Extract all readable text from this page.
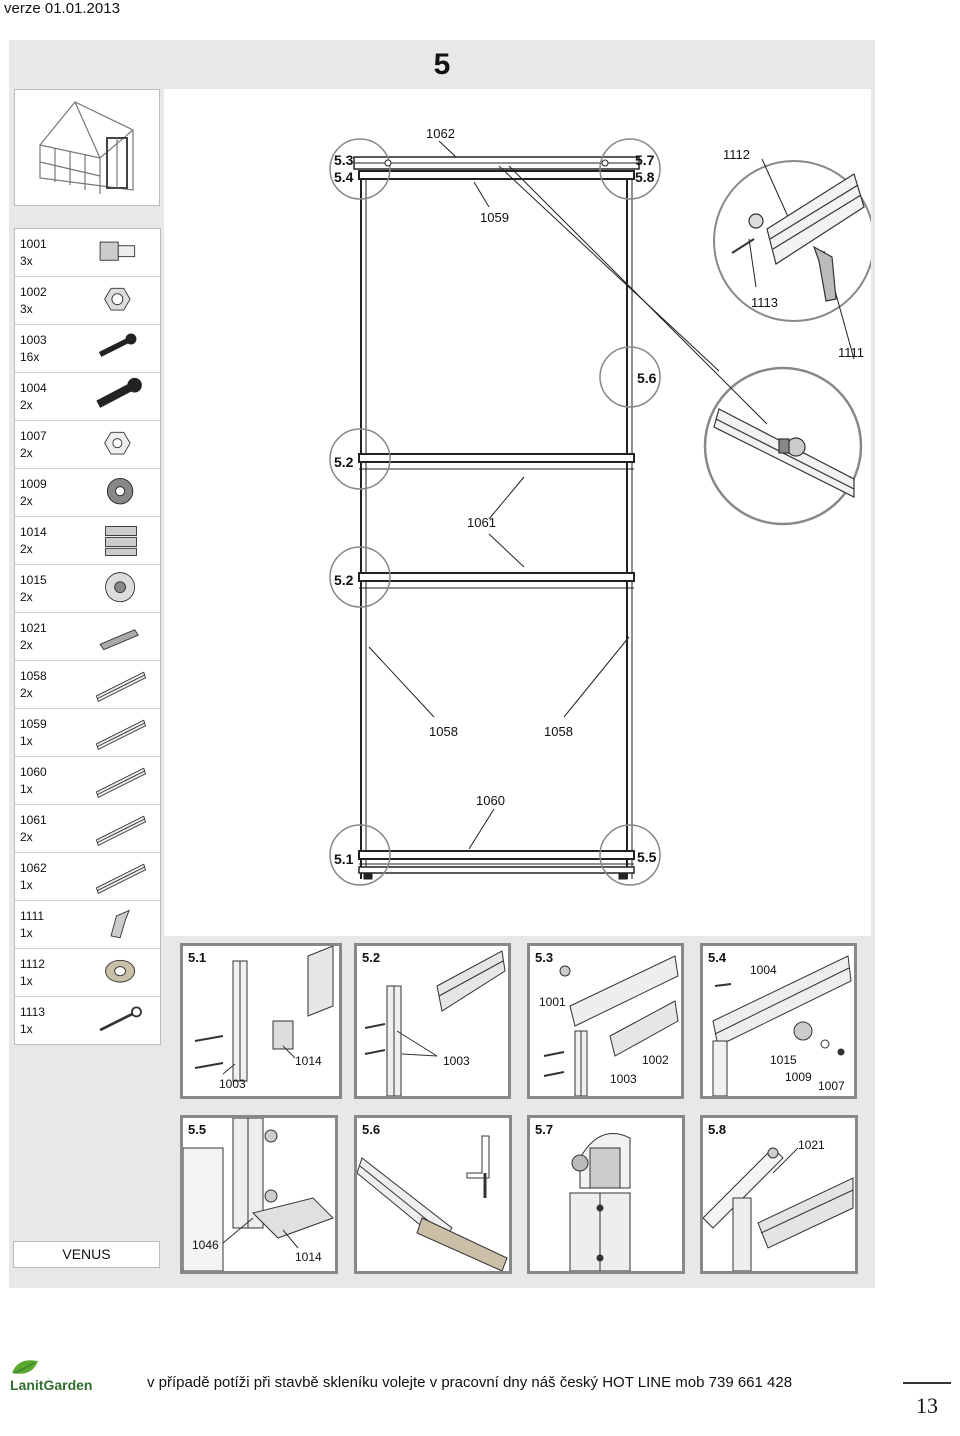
verze 01.01.2013
5
1001
3x
1002
3x
1003
16x
1004
2x
1007
2x
1009
2x
1014
2x
1015
2x
1021
2x
1058
2x
1059
1x
1060
1x
1061
2x
1062
1x
1111
1x
1112
1x
1113
1x
VENUS
5.3
5.4
5.7
5.8
5.6
5.2
5.2
5.1	5.5
1062
1059
1112
1113
1111
1061
1058	1058
1060
5.1
1003
1014
5.2
1003
5.3
1001
1002
1003
5.4
1004
1015
1009
1007
5.5
1046
1014
5.6	5.7	5.8
1021
LanitGarden	v případě potíži při stavbě skleníku volejte v pracovní dny náš český HOT LINE mob 739 661 428
13
